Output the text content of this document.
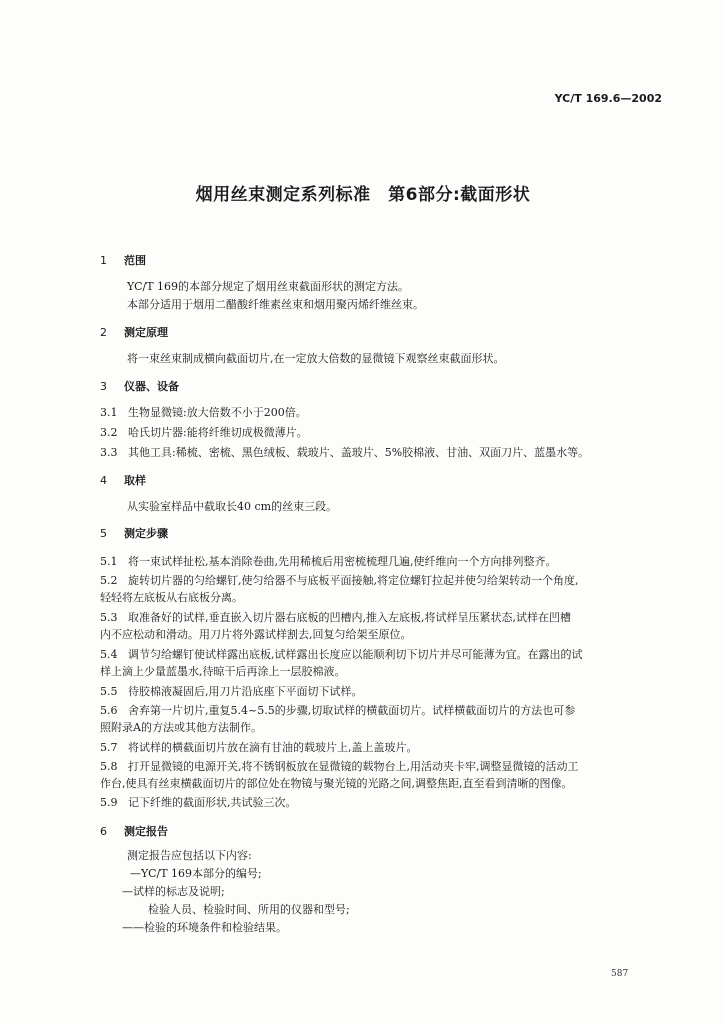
YC/T 169.6—2002
烟用丝束测定系列标准　第6部分:截面形状
1 范围
YC/T 169的本部分规定了烟用丝束截面形状的测定方法。
本部分适用于烟用二醋酸纤维素丝束和烟用聚丙烯纤维丝束。
2 测定原理
将一束丝束制成横向截面切片,在一定放大倍数的显微镜下观察丝束截面形状。
3 仪器、设备
3.1 生物显微镜:放大倍数不小于200倍。
3.2 哈氏切片器:能将纤维切成极微薄片。
3.3 其他工具:稀梳、密梳、黑色绒板、载玻片、盖玻片、5%胶棉液、甘油、双面刀片、蓝墨水等。
4 取样
从实验室样品中截取长40 cm的丝束三段。
5 测定步骤
5.1 将一束试样扯松,基本消除卷曲,先用稀梳后用密梳梳理几遍,使纤维向一个方向排列整齐。
5.2 旋转切片器的匀给螺钉,使匀给器不与底板平面接触,将定位螺钉拉起并使匀给架转动一个角度,
轻轻将左底板从右底板分离。
5.3 取准备好的试样,垂直嵌入切片器右底板的凹槽内,推入左底板,将试样呈压紧状态,试样在凹槽
内不应松动和滑动。用刀片将外露试样割去,回复匀给架至原位。
5.4 调节匀给螺钉使试样露出底板,试样露出长度应以能顺利切下切片并尽可能薄为宜。在露出的试
样上滴上少量蓝墨水,待晾干后再涂上一层胶棉液。
5.5 待胶棉液凝固后,用刀片沿底座下平面切下试样。
5.6 舍弃第一片切片,重复5.4~5.5的步骤,切取试样的横截面切片。试样横截面切片的方法也可参
照附录A的方法或其他方法制作。
5.7 将试样的横截面切片放在滴有甘油的载玻片上,盖上盖玻片。
5.8 打开显微镜的电源开关,将不锈钢板放在显微镜的载物台上,用活动夹卡牢,调整显微镜的活动工
作台,使具有丝束横截面切片的部位处在物镜与聚光镜的光路之间,调整焦距,直至看到清晰的图像。
5.9 记下纤维的截面形状,共试验三次。
6 测定报告
测定报告应包括以下内容:
—YC/T 169本部分的编号;
—试样的标志及说明;
检验人员、检验时间、所用的仪器和型号;
——检验的环境条件和检验结果。
587
